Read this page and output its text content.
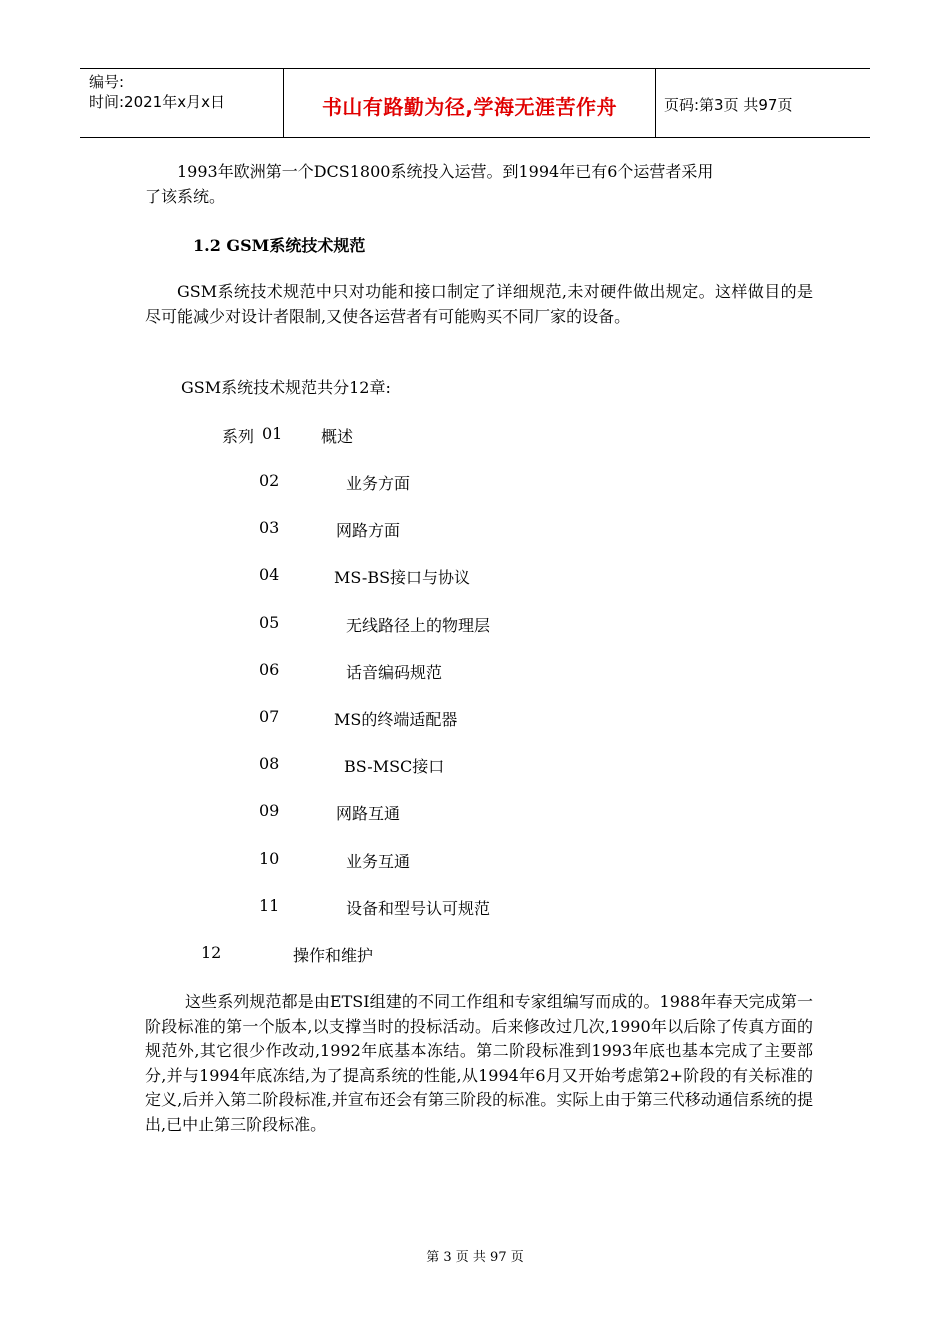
编号:
时间:2021年x月x日	书山有路勤为径,学海无涯苦作舟	页码:第3页 共97页
1993年欧洲第一个DCS1800系统投入运营。到1994年已有6个运营者采用
了该系统。
1.2 GSM系统技术规范
GSM系统技术规范中只对功能和接口制定了详细规范,未对硬件做出规定。这样做目的是尽可能减少对设计者限制,又使各运营者有可能购买不同厂家的设备。
GSM系统技术规范共分12章:
系列 01 概述
02	业务方面
03	网路方面
04	MS-BS接口与协议
05	无线路径上的物理层
06	话音编码规范
07	MS的终端适配器
08	BS-MSC接口
09	网路互通
10	业务互通
11	设备和型号认可规范
12	操作和维护
这些系列规范都是由ETSI组建的不同工作组和专家组编写而成的。1988年春天完成第一阶段标准的第一个版本,以支撑当时的投标活动。后来修改过几次,1990年以后除了传真方面的规范外,其它很少作改动,1992年底基本冻结。第二阶段标准到1993年底也基本完成了主要部分,并与1994年底冻结,为了提高系统的性能,从1994年6月又开始考虑第2+阶段的有关标准的定义,后并入第二阶段标准,并宣布还会有第三阶段的标准。实际上由于第三代移动通信系统的提出,已中止第三阶段标准。
第 3 页 共 97 页
